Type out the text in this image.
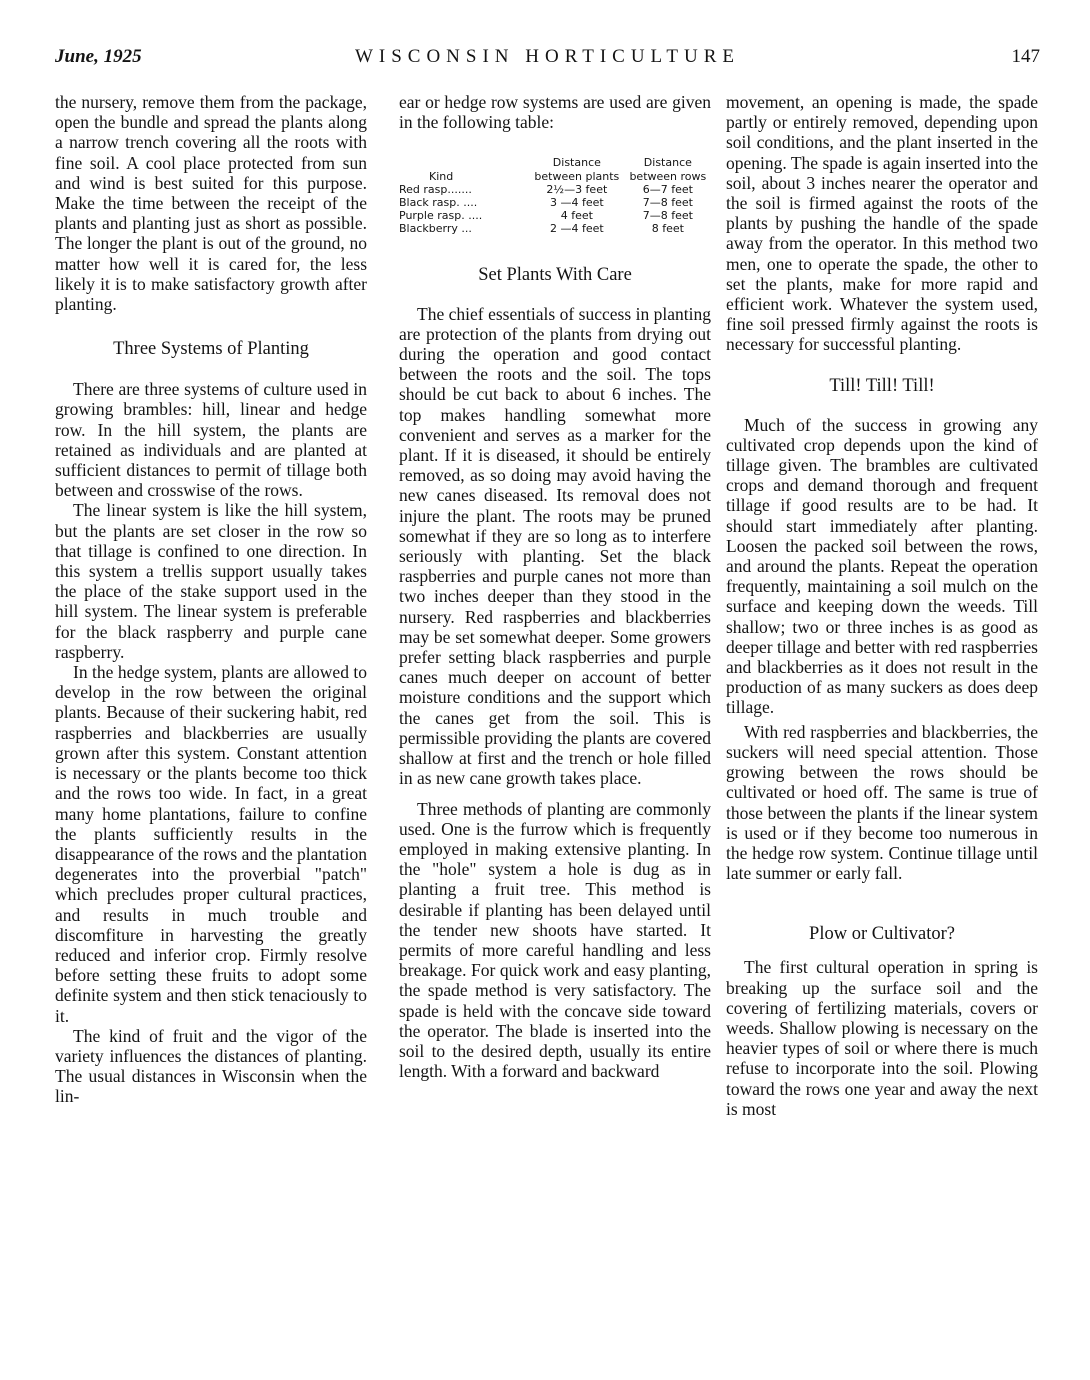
June, 1925	WISCONSIN HORTICULTURE	147

the nursery, remove them from the package, open the bundle and spread the plants along a narrow trench covering all the roots with fine soil. A cool place protected from sun and wind is best suited for this purpose. Make the time between the receipt of the plants and planting just as short as possible. The longer the plant is out of the ground, no matter how well it is cared for, the less likely it is to make satisfactory growth after planting.

Three Systems of Planting

There are three systems of culture used in growing brambles: hill, linear and hedge row. In the hill system, the plants are retained as individuals and are planted at sufficient distances to permit of tillage both between and crosswise of the rows.

The linear system is like the hill system, but the plants are set closer in the row so that tillage is confined to one direction. In this system a trellis support usually takes the place of the stake support used in the hill system. The linear system is preferable for the black raspberry and purple cane raspberry.

In the hedge system, plants are allowed to develop in the row between the original plants. Because of their suckering habit, red raspberries and blackberries are usually grown after this system. Constant attention is necessary or the plants become too thick and the rows too wide. In fact, in a great many home plantations, failure to confine the plants sufficiently results in the disappearance of the rows and the plantation degenerates into the proverbial "patch" which precludes proper cultural practices, and results in much trouble and discomfiture in harvesting the greatly reduced and inferior crop. Firmly resolve before setting these fruits to adopt some definite system and then stick tenaciously to it.

The kind of fruit and the vigor of the variety influences the distances of planting. The usual distances in Wisconsin when the lin-

ear or hedge row systems are used are given in the following table:

Kind	Distance between plants	Distance between rows
Red rasp.......	2½—3 feet	6—7 feet
Black rasp. ....	3 —4 feet	7—8 feet
Purple rasp. ....	4 feet	7—8 feet
Blackberry ...	2 —4 feet	8 feet
Set Plants With Care

The chief essentials of success in planting are protection of the plants from drying out during the operation and good contact between the roots and the soil. The tops should be cut back to about 6 inches. The top makes handling somewhat more convenient and serves as a marker for the plant. If it is diseased, it should be entirely removed, as so doing may avoid having the new canes diseased. Its removal does not injure the plant. The roots may be pruned somewhat if they are so long as to interfere seriously with planting. Set the black raspberries and purple canes not more than two inches deeper than they stood in the nursery. Red raspberries and blackberries may be set somewhat deeper. Some growers prefer setting black raspberries and purple canes much deeper on account of better moisture conditions and the support which the canes get from the soil. This is permissible providing the plants are covered shallow at first and the trench or hole filled in as new cane growth takes place.

Three methods of planting are commonly used. One is the furrow which is frequently employed in making extensive planting. In the "hole" system a hole is dug as in planting a fruit tree. This method is desirable if planting has been delayed until the tender new shoots have started. It permits of more careful handling and less breakage. For quick work and easy planting, the spade method is very satisfactory. The spade is held with the concave side toward the operator. The blade is inserted into the soil to the desired depth, usually its entire length. With a forward and backward

movement, an opening is made, the spade partly or entirely removed, depending upon soil conditions, and the plant inserted in the opening. The spade is again inserted into the soil, about 3 inches nearer the operator and the soil is firmed against the roots of the plants by pushing the handle of the spade away from the operator. In this method two men, one to operate the spade, the other to set the plants, make for more rapid and efficient work. Whatever the system used, fine soil pressed firmly against the roots is necessary for successful planting.

Till! Till! Till!

Much of the success in growing any cultivated crop depends upon the kind of tillage given. The brambles are cultivated crops and demand thorough and frequent tillage if good results are to be had. It should start immediately after planting. Loosen the packed soil between the rows, and around the plants. Repeat the operation frequently, maintaining a soil mulch on the surface and keeping down the weeds. Till shallow; two or three inches is as good as deeper tillage and better with red raspberries and blackberries as it does not result in the production of as many suckers as does deep tillage.

With red raspberries and blackberries, the suckers will need special attention. Those growing between the rows should be cultivated or hoed off. The same is true of those between the plants if the linear system is used or if they become too numerous in the hedge row system. Continue tillage until late summer or early fall.

Plow or Cultivator?

The first cultural operation in spring is breaking up the surface soil and the covering of fertilizing materials, covers or weeds. Shallow plowing is necessary on the heavier types of soil or where there is much refuse to incorporate into the soil. Plowing toward the rows one year and away the next is most
